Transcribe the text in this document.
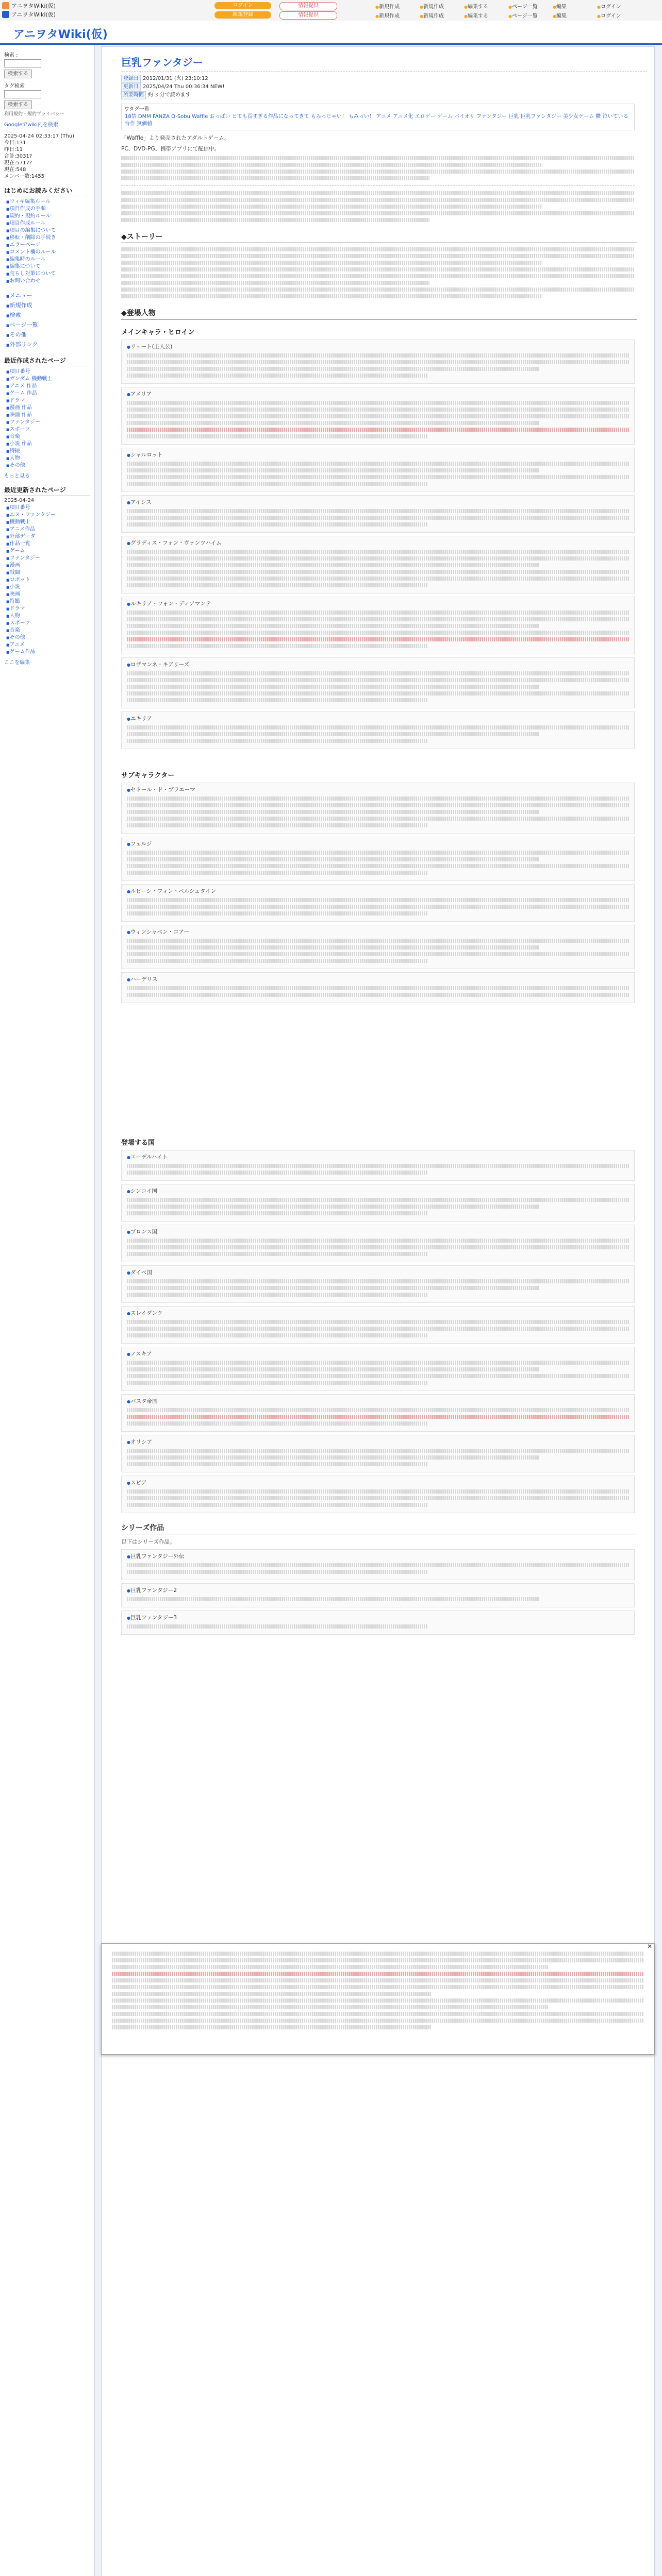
アニヲタWiki(仮)
アニヲタWiki(仮)
ログイン	情報提供
新規登録	情報提供
● 新規作成	● 新規作成	● 編集する	● ページ一覧	● 編集	● ログイン
● 新規作成	● 新規作成	● 編集する	● ページ一覧	● 編集	● ログイン
アニヲタWiki(仮)
検索 :
検索する
タグ検索
検索する
利用規約・規約プライバシー
Googleでwiki内を検索
2025-04-24 02:33:17 (Thu)
今日:131
昨日:11
合計:3031?
現在:5717?
現在:548
メンバー数:1455
はじめにお読みください
■ ウィキ編集ルール
■ 項目作成の手順
■ 規約・規約ルール
■ 項目作成ルール
■ 項目の編集について
■ 移転・削除の手続き
■ エラーページ
■ コメント欄のルール
■ 編集時のルール
■ 編集について
■ 荒らし対策について
■ お問い合わせ
■ メニュー
■ 新規作成
■ 検索
■ ページ一覧
■ その他
■ 外部リンク
最近作成されたページ
■ 項目番号
■ ガンダム 機動戦士
■ アニメ 作品
■ ゲーム 作品
■ ドラマ
■ 漫画 作品
■ 映画 作品
■ ファンタジー
■ スポーツ
■ 音楽
■ 小説 作品
■ 特撮
■ 人物
■ その他
もっと見る
最近更新されたページ
2025-04-24
■ 項目番号
■ エヌ・ファンタジー
■ 機動戦士
■ アニメ作品
■ 外部データ
■ 作品一覧
■ ゲーム
■ ファンタジー
■ 漫画
■ 戦闘
■ ロボット
■ 小説
■ 映画
■ 特撮
■ ドラマ
■ 人物
■ スポーツ
■ 音楽
■ その他
■ アニメ
■ ゲーム作品
ここを編集
巨乳ファンタジー
登録日 2012/01/31 (火) 23:10:12
更新日 2025/04/24 Thu 00:36:34 NEW!
所要時間 約 3 分で読めます
▽タグ一覧
18禁 DMM FANZA Q-Sobu Waffle おっぱい とても長すぎる作品になってきて もみっじゃい！ もみっい！ アニメ アニメ化 エロゲー ゲーム バイオリ ファンタジー 巨乳 巨乳ファンタジー 美少女ゲーム 鬱 泣いている 台作 無価値
「Waffle」より発売されたアダルトゲーム。
PC、DVD-PG、携帯アプリにて配信中。
◆ストーリー
◆登場人物
メインキャラ・ヒロイン
● リュート(主人公)
● アメリア
● シャルロット
● アイシス
● グラディス・フォン・ヴァンツハイム
● ルキリア・フォン・ディアマンテ
● ロザマンネ・キアリーズ
● ユキリア
サブキャラクター
● セドール・ド・ブラエーマ
● フェルジ
● ルピーシ・フォン・ベルシュタイン
● ウィンシャベン・コアー
● ハーデリス
登場する国
● エーデルハイト
● シンコイ国
● ブロンス国
● ダイベ国
● スレイダンク
● ノスキア
● パスタ帝国
● オリシア
● スピア
シリーズ作品
以下はシリーズ作品。
● 巨乳ファンタジー外伝
● 巨乳ファンタジー2
● 巨乳ファンタジー3
✕
